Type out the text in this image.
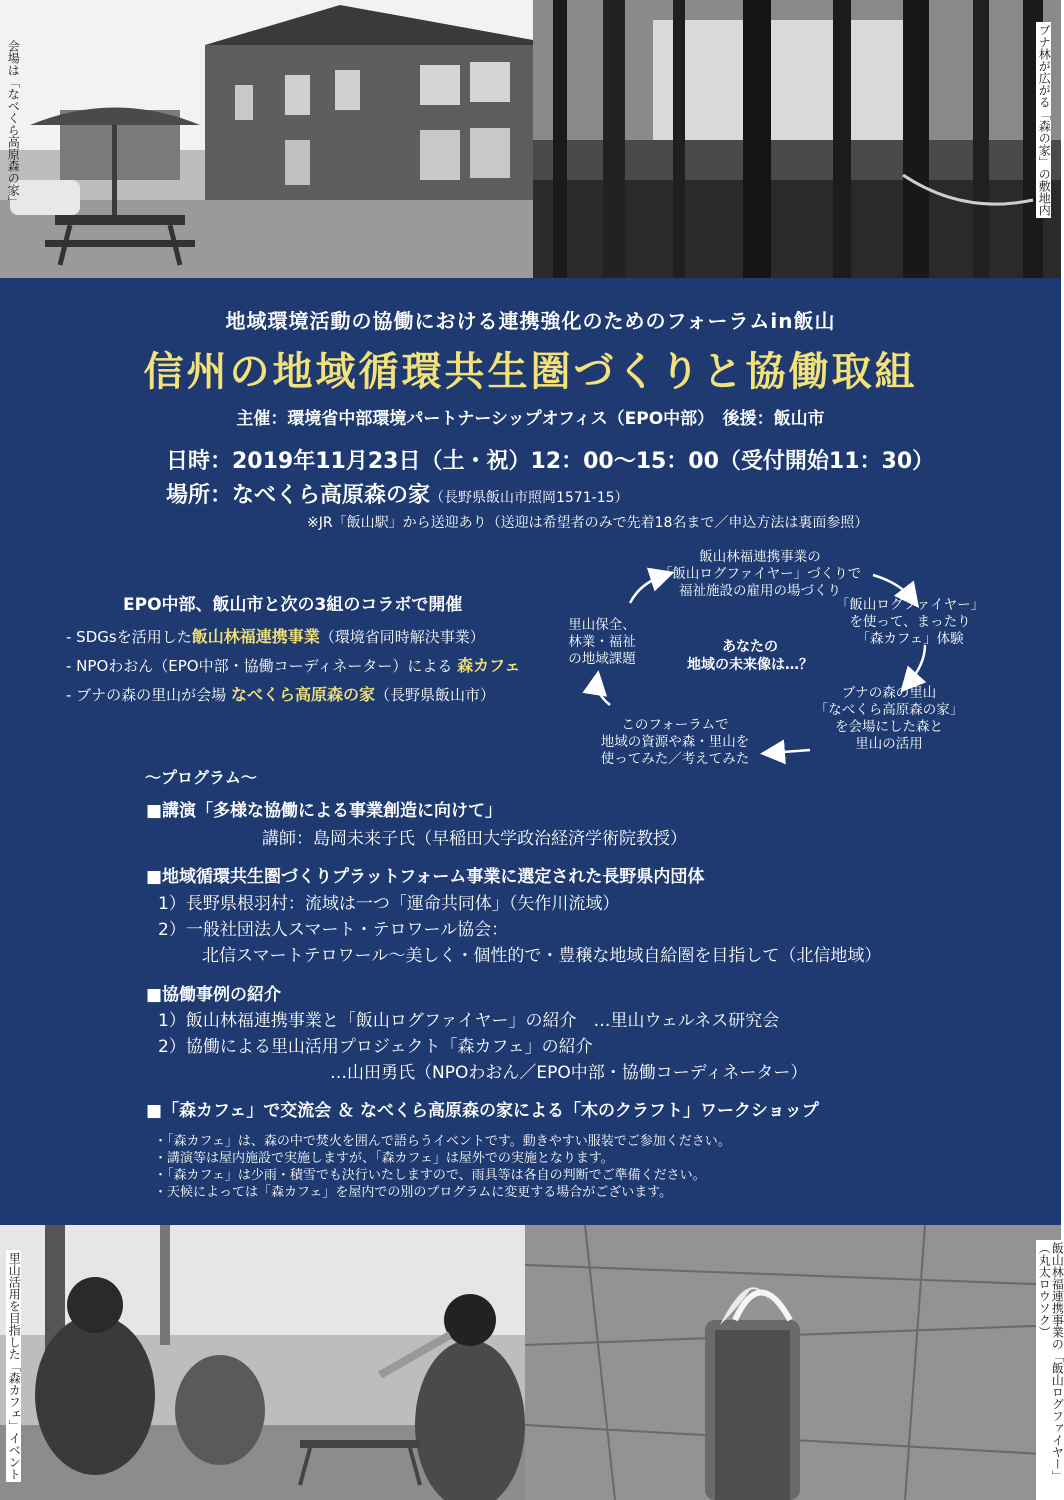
会場は「なべくら高原森の家」	ブナ林が広がる「森の家」の敷地内
地域環境活動の協働における連携強化のためのフォーラムin飯山
信州の地域循環共生圏づくりと協働取組
主催：環境省中部環境パートナーシップオフィス（EPO中部）　後援：飯山市
日時：2019年11月23日（土・祝）12：00〜15：00（受付開始11：30）
場所：なべくら高原森の家（長野県飯山市照岡1571-15）
※JR「飯山駅」から送迎あり（送迎は希望者のみで先着18名まで／申込方法は裏面参照）
EPO中部、飯山市と次の3組のコラボで開催
- SDGsを活用した飯山林福連携事業（環境省同時解決事業）
- NPOわおん（EPO中部・協働コーディネーター）による 森カフェ
- ブナの森の里山が会場 なべくら高原森の家（長野県飯山市）
飯山林福連携事業の
「飯山ログファイヤー」づくりで
福祉施設の雇用の場づくり
「飯山ログファイヤー」
を使って、まったり
「森カフェ」体験
ブナの森の里山
「なべくら高原森の家」
を会場にした森と
里山の活用
このフォーラムで
地域の資源や森・里山を
使ってみた／考えてみた
里山保全、
林業・福祉
の地域課題
あなたの
地域の未来像は…？
〜プログラム〜
■講演「多様な協働による事業創造に向けて」
講師：島岡未来子氏（早稲田大学政治経済学術院教授）
■地域循環共生圏づくりプラットフォーム事業に選定された長野県内団体
1）長野県根羽村：流域は一つ「運命共同体」（矢作川流域）
2）一般社団法人スマート・テロワール協会：
北信スマートテロワール〜美しく・個性的で・豊穣な地域自給圏を目指して（北信地域）
■協働事例の紹介
1）飯山林福連携事業と「飯山ログファイヤー」の紹介　…里山ウェルネス研究会
2）協働による里山活用プロジェクト「森カフェ」の紹介
…山田勇氏（NPOわおん／EPO中部・協働コーディネーター）
■「森カフェ」で交流会 ＆ なべくら高原森の家による「木のクラフト」ワークショップ
・「森カフェ」は、森の中で焚火を囲んで語らうイベントです。動きやすい服装でご参加ください。
・講演等は屋内施設で実施しますが、「森カフェ」は屋外での実施となります。
・「森カフェ」は少雨・積雪でも決行いたしますので、雨具等は各自の判断でご準備ください。
・天候によっては「森カフェ」を屋内での別のプログラムに変更する場合がございます。
里山活用を目指した「森カフェ」イベント	飯山林福連携事業の「飯山ログファイヤー」（丸太ロウソク）
